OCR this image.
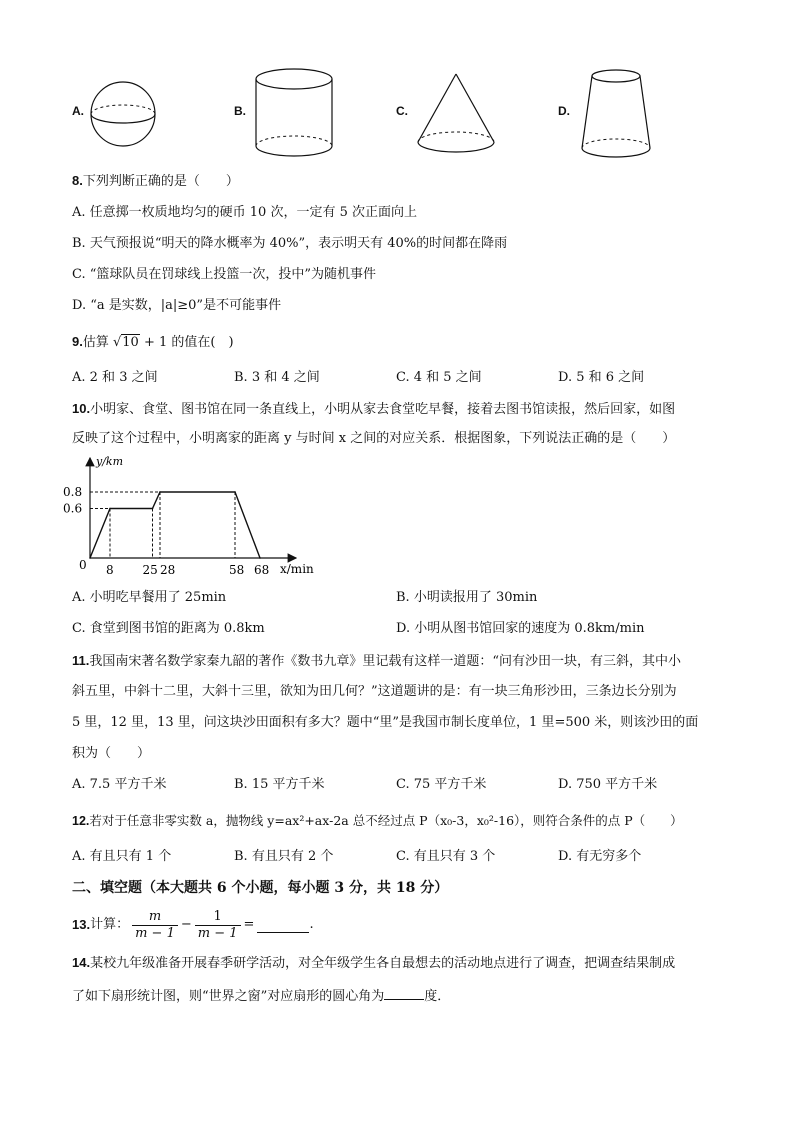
A.	B.	C.	D.
8.下列判断正确的是（　　）
A. 任意掷一枚质地均匀的硬币 10 次，一定有 5 次正面向上
B. 天气预报说“明天的降水概率为 40%”，表示明天有 40%的时间都在降雨
C. “篮球队员在罚球线上投篮一次，投中”为随机事件
D. “a 是实数，|a|≥0”是不可能事件
9.估算 √10 + 1 的值在(　)
A. 2 和 3 之间	B. 3 和 4 之间	C. 4 和 5 之间	D. 5 和 6 之间
10.小明家、食堂、图书馆在同一条直线上，小明从家去食堂吃早餐，接着去图书馆读报，然后回家，如图
反映了这个过程中，小明离家的距离 y 与时间 x 之间的对应关系．根据图象，下列说法正确的是（　　）
y/km
x/min
0
0.8
0.6
8 25 28	58 68
A. 小明吃早餐用了 25min	B. 小明读报用了 30min
C. 食堂到图书馆的距离为 0.8km	D. 小明从图书馆回家的速度为 0.8km/min
11.我国南宋著名数学家秦九韶的著作《数书九章》里记载有这样一道题：“问有沙田一块，有三斜，其中小
斜五里，中斜十二里，大斜十三里，欲知为田几何？”这道题讲的是：有一块三角形沙田，三条边长分别为
5 里，12 里，13 里，问这块沙田面积有多大？题中“里”是我国市制长度单位，1 里=500 米，则该沙田的面
积为（　　）
A. 7.5 平方千米	B. 15 平方千米	C. 75 平方千米	D. 750 平方千米
12.若对于任意非零实数 a，抛物线 y=ax²+ax-2a 总不经过点 P（x₀-3，x₀²-16），则符合条件的点 P（　　）
A. 有且只有 1 个	B. 有且只有 2 个	C. 有且只有 3 个	D. 有无穷多个
二、填空题（本大题共 6 个小题，每小题 3 分，共 18 分）
13. 计算： $\frac{m}{m - 1} - \frac{1}{m - 1}$ =	.
14.某校九年级准备开展春季研学活动，对全年级学生各自最想去的活动地点进行了调查，把调查结果制成
了如下扇形统计图，则“世界之窗”对应扇形的圆心角为	度．
